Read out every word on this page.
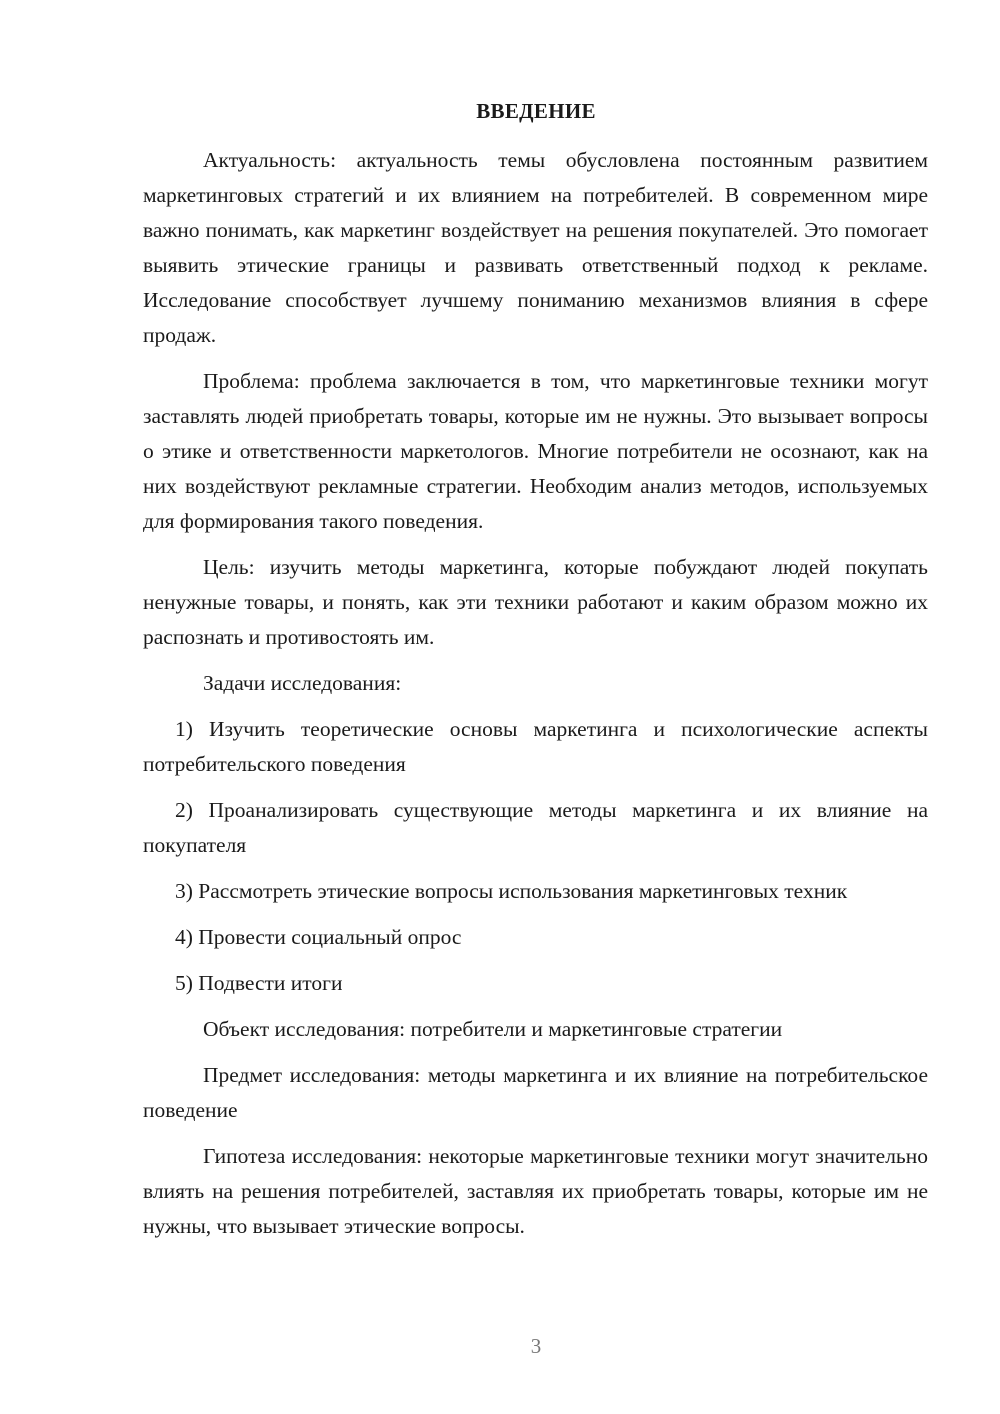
ВВЕДЕНИЕ

Актуальность: актуальность темы обусловлена постоянным развитием маркетинговых стратегий и их влиянием на потребителей. В современном мире важно понимать, как маркетинг воздействует на решения покупателей. Это помогает выявить этические границы и развивать ответственный подход к рекламе. Исследование способствует лучшему пониманию механизмов влияния в сфере продаж.

Проблема: проблема заключается в том, что маркетинговые техники могут заставлять людей приобретать товары, которые им не нужны. Это вызывает вопросы о этике и ответственности маркетологов. Многие потребители не осознают, как на них воздействуют рекламные стратегии. Необходим анализ методов, используемых для формирования такого поведения.

Цель: изучить методы маркетинга, которые побуждают людей покупать ненужные товары, и понять, как эти техники работают и каким образом можно их распознать и противостоять им.

Задачи исследования:

1) Изучить теоретические основы маркетинга и психологические аспекты потребительского поведения

2) Проанализировать существующие методы маркетинга и их влияние на покупателя

3) Рассмотреть этические вопросы использования маркетинговых техник

4) Провести социальный опрос

5) Подвести итоги

Объект исследования: потребители и маркетинговые стратегии

Предмет исследования: методы маркетинга и их влияние на потребительское поведение

Гипотеза исследования: некоторые маркетинговые техники могут значительно влиять на решения потребителей, заставляя их приобретать товары, которые им не нужны, что вызывает этические вопросы.

3
